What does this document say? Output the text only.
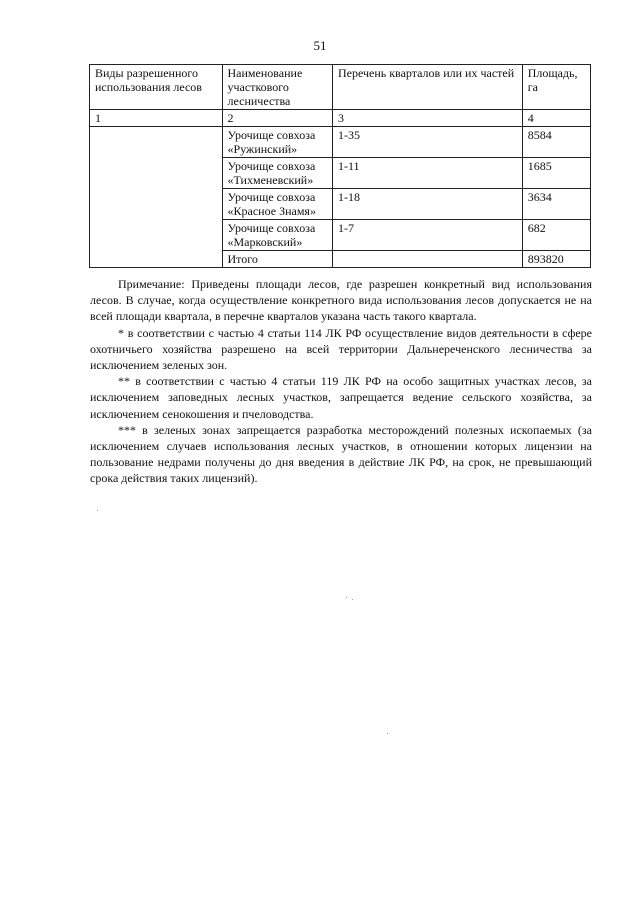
51
Виды разрешенного использования лесов	Наименование участкового лесничества	Перечень кварталов или их частей	Площадь, га
1	2	3	4
	Урочище совхоза «Ружинский»	1-35	8584
	Урочище совхоза «Тихменевский»	1-11	1685
	Урочище совхоза «Красное Знамя»	1-18	3634
	Урочище совхоза «Марковский»	1-7	682
	Итого		893820

Примечание: Приведены площади лесов, где разрешен конкретный вид использования лесов. В случае, когда осуществление конкретного вида использования лесов допускается не на всей площади квартала, в перечне кварталов указана часть такого квартала.

* в соответствии с частью 4 статьи 114 ЛК РФ осуществление видов деятельности в сфере охотничьего хозяйства разрешено на всей территории Дальнереченского лесничества за исключением зеленых зон.

** в соответствии с частью 4 статьи 119 ЛК РФ на особо защитных участках лесов, за исключением заповедных лесных участков, запрещается ведение сельского хозяйства, за исключением сенокошения и пчеловодства.

*** в зеленых зонах запрещается разработка месторождений полезных ископаемых (за исключением случаев использования лесных участков, в отношении которых лицензии на пользование недрами получены до дня введения в действие ЛК РФ, на срок, не превышающий срока действия таких лицензий).
